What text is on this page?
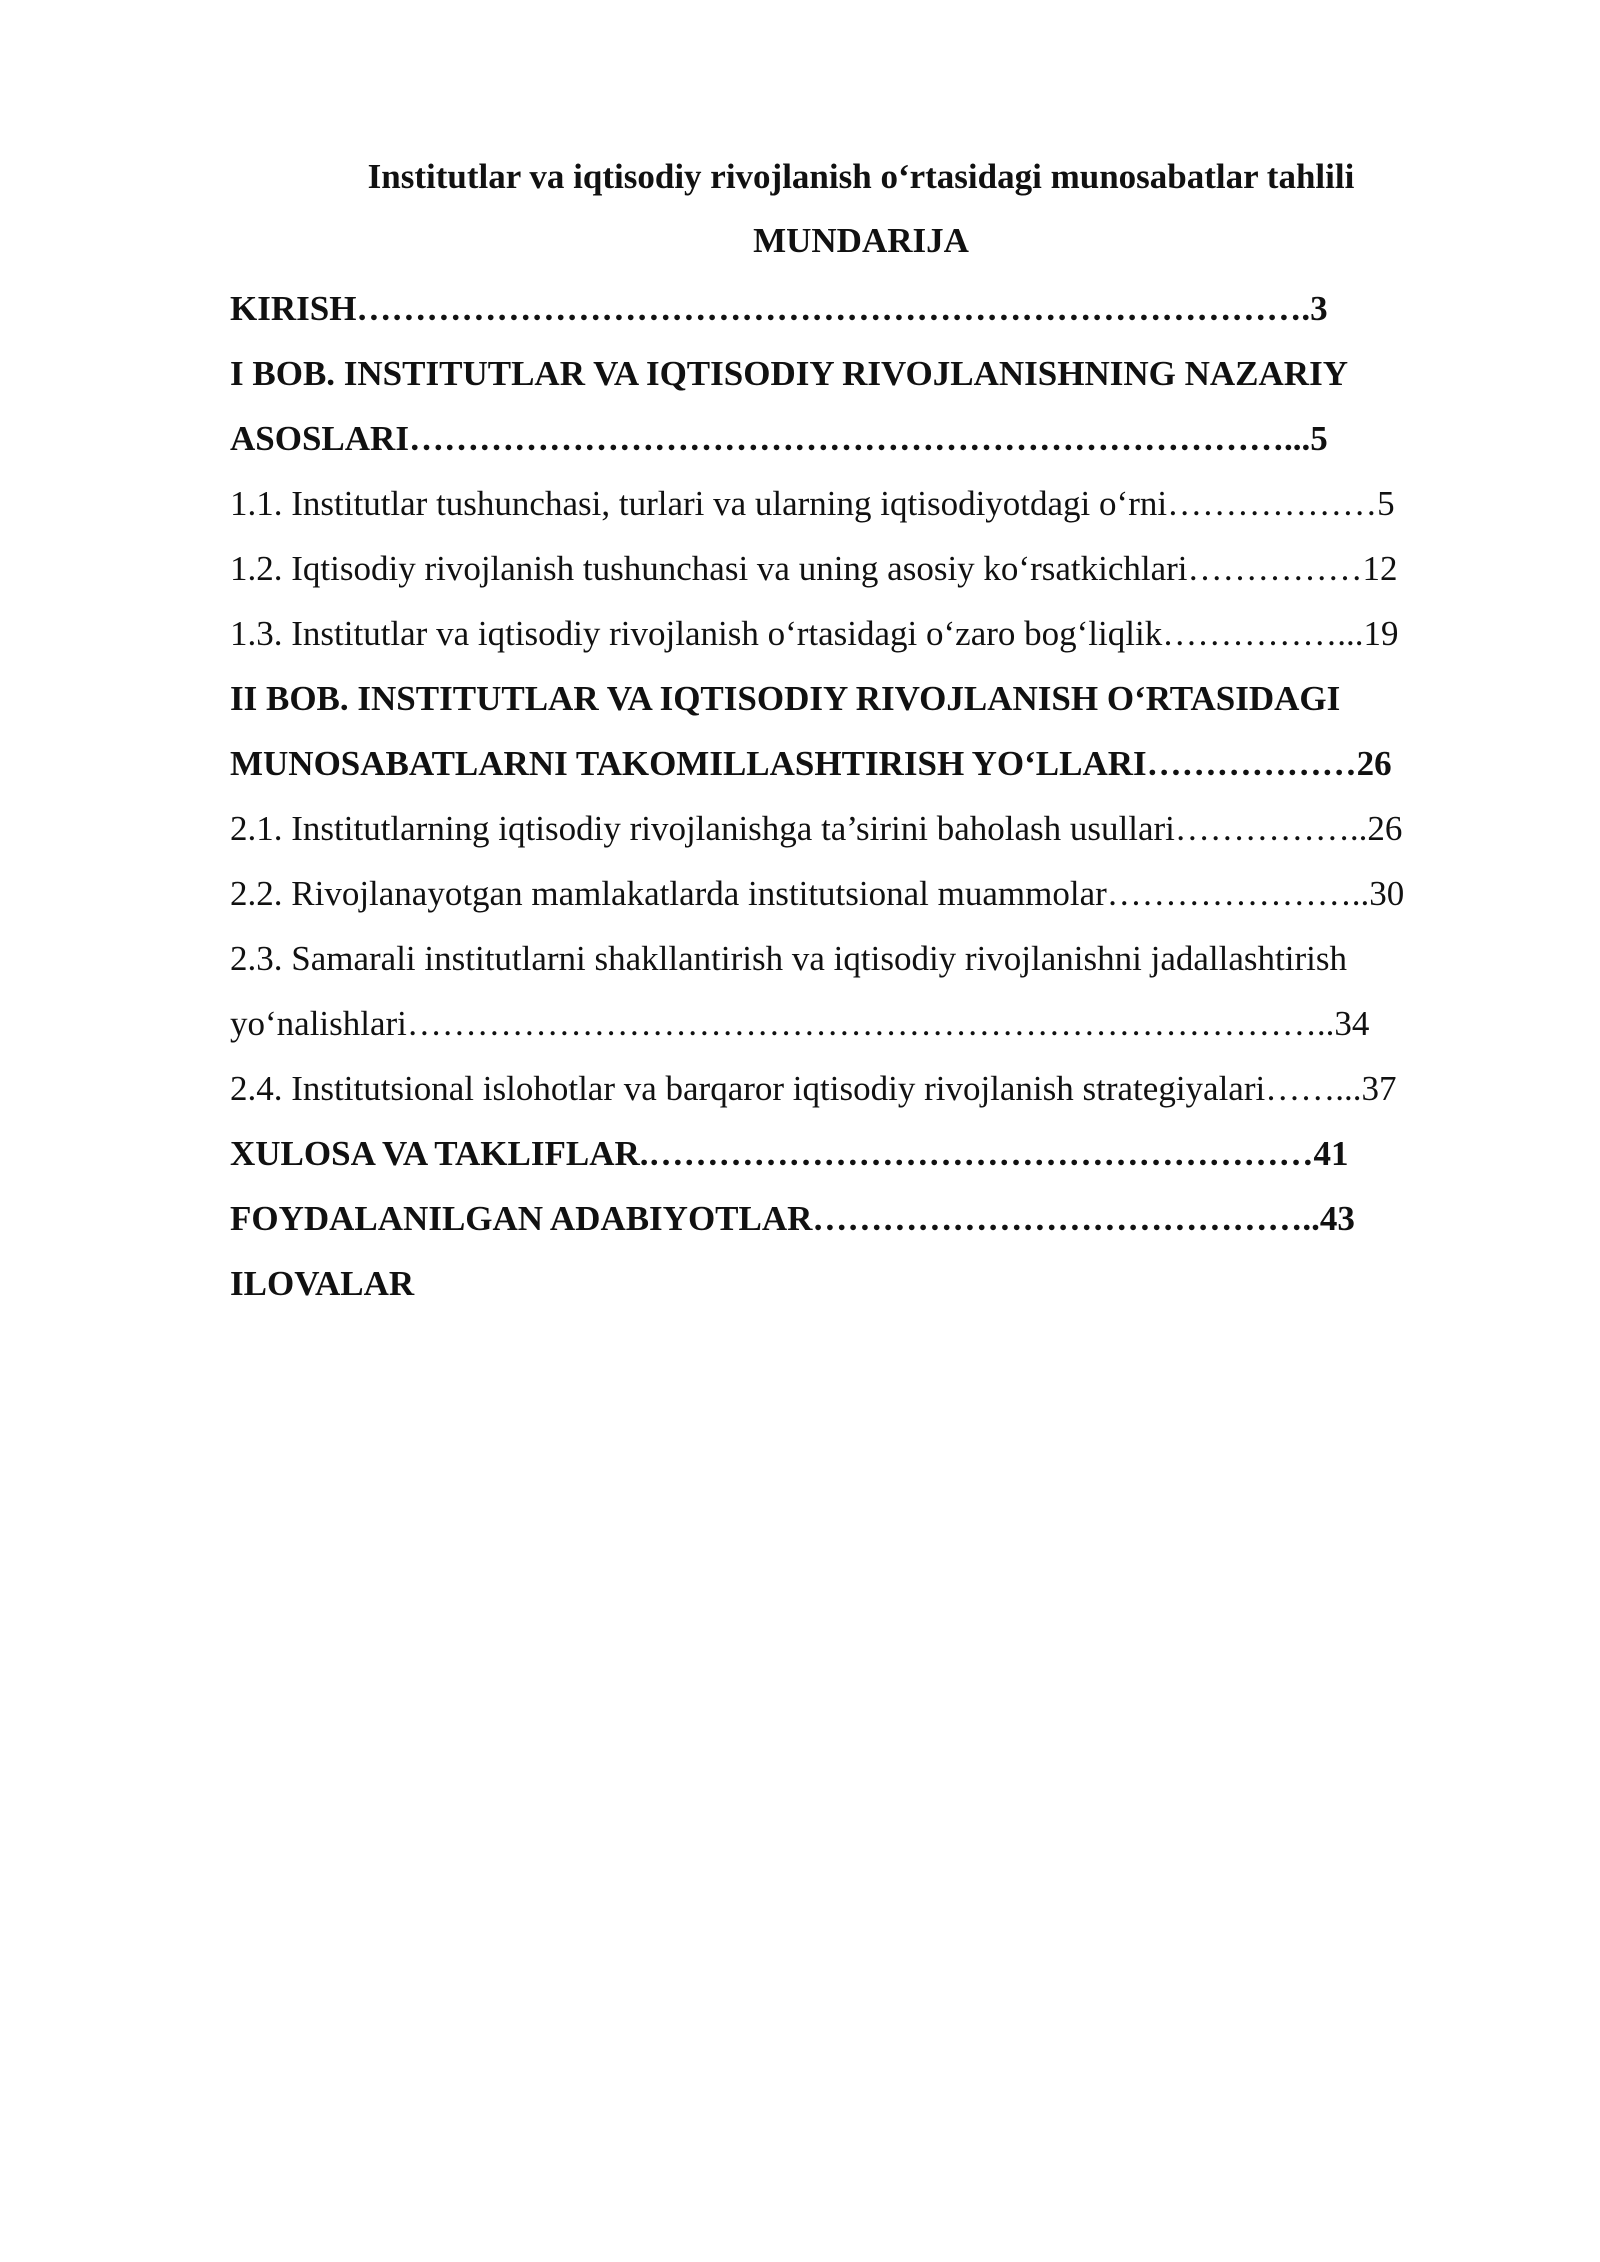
Institutlar va iqtisodiy rivojlanish o‘rtasidagi munosabatlar tahlili
MUNDARIJA
KIRISH……………………………………………………………………….3
I BOB. INSTITUTLAR VA IQTISODIY RIVOJLANISHNING NAZARIY
ASOSLARI…………………………………………………………………...5
1.1. Institutlar tushunchasi, turlari va ularning iqtisodiyotdagi o‘rni………………5
1.2. Iqtisodiy rivojlanish tushunchasi va uning asosiy ko‘rsatkichlari……………12
1.3. Institutlar va iqtisodiy rivojlanish o‘rtasidagi o‘zaro bog‘liqlik……………...19
II BOB. INSTITUTLAR VA IQTISODIY RIVOJLANISH O‘RTASIDAGI
MUNOSABATLARNI TAKOMILLASHTIRISH YO‘LLARI………………26
2.1. Institutlarning iqtisodiy rivojlanishga ta’sirini baholash usullari……………..26
2.2. Rivojlanayotgan mamlakatlarda institutsional muammolar…………………..30
2.3. Samarali institutlarni shakllantirish va iqtisodiy rivojlanishni jadallashtirish
yo‘nalishlari……………………………………………………………………..34
2.4. Institutsional islohotlar va barqaror iqtisodiy rivojlanish strategiyalari……...37
XULOSA VA TAKLIFLAR.…………………………………………………41
FOYDALANILGAN ADABIYOTLAR……………………………………..43
ILOVALAR
